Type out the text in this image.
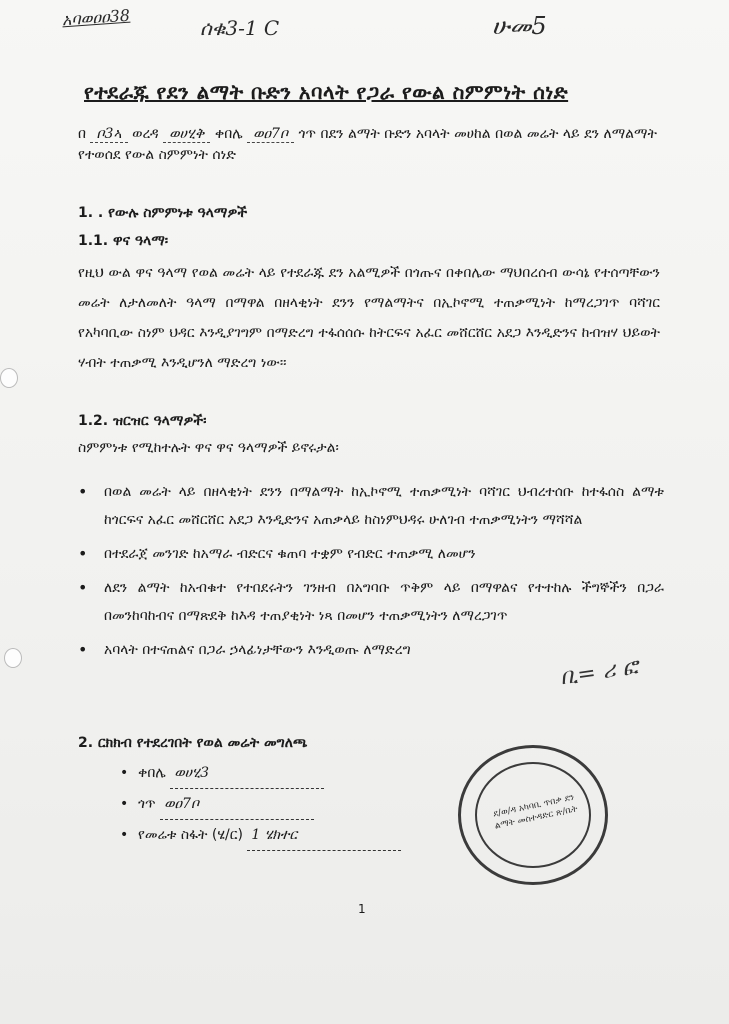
አባወዐዐ38	ሰቁ3-1 C	ሁመ5
የተደራጁ የደን ልማት ቡድን አባላት የጋራ የውል ስምምነት ሰነድ
በ ቦ3ኣ ወረዳ ወሀሂቅ ቀበሌ ወዐ7ቦ ጎጥ በደን ልማት ቡድን አባላት መሀከል በወል መሬት ላይ ደን ለማልማት የተወሰደ የውል ስምምነት ሰነድ
1. . የውሉ ስምምነቱ ዓላማዎች
1.1. ዋና ዓላማ፡
የዚህ ውል ዋና ዓላማ የወል መሬት ላይ የተደራጁ ደን አልሚዎች በጎጡና በቀበሌው ማህበረሰብ ውሳኔ የተሰጣቸውን መሬት ለታለመለት ዓላማ በማዋል በዘላቂነት ደንን የማልማትና በኢኮኖሚ ተጠቃሚነት ከማረጋገጥ ባሻገር የአካባቢው ስነም ህዳር እንዲያገግም በማድረግ ተፋሰሰሱ ከትርፍና አፈር መሸርሸር አደጋ እንዲድንና ከብዝሃ ህይወት ሃብት ተጠቃሚ እንዲሆንለ ማድረግ ነው፡፡
1.2. ዝርዝር ዓላማዎች፡
ስምምነቱ የሚከተሉት ዋና ዋና ዓላማዎች ይኖሩታል፡
• በወል መሬት ላይ በዘላቂነት ደንን በማልማት ከኢኮኖሚ ተጠቃሚነት ባሻገር ህብረተሰቡ ከተፋሰስ ልማቱ ከጎርፍና አፈር መሸርሸር አደጋ እንዲድንና አጠቃላይ ከስነምህዳሩ ሁለገብ ተጠቃሚነትን ማሻሻል
• በተደራጀ መንገድ ከአማራ ብድርና ቁጠባ ተቋም የብድር ተጠቃሚ ለመሆን
• ለደን ልማት ከአብቁተ የተበደሩትን ገንዘብ በአግባቡ ጥቅም ላይ በማዋልና የተተከሉ ችግኞችን በጋራ በመንከባከብና በማጽደቅ ከእዳ ተጠያቂነት ነጻ በመሆን ተጠቃሚነትን ለማረጋገጥ
• አባላት በተናጠልና በጋራ ኃላፊነታቸውን እንዲወጡ ለማድረግ
ቢ= ሪ ፎ
2. ርክክብ የተደረገበት የወል መሬት መግለጫ
• ቀበሌ ወሀሂ3
• ጎጥ ወዐ7ቦ
• የመሬቱ ስፋት (ሄ/ር) 1 ሄክተር
ደ/ወ/ዳ አካባቢ ጥበቃ ደን ልማት መስተዳድር ጽ/ቤት
1
